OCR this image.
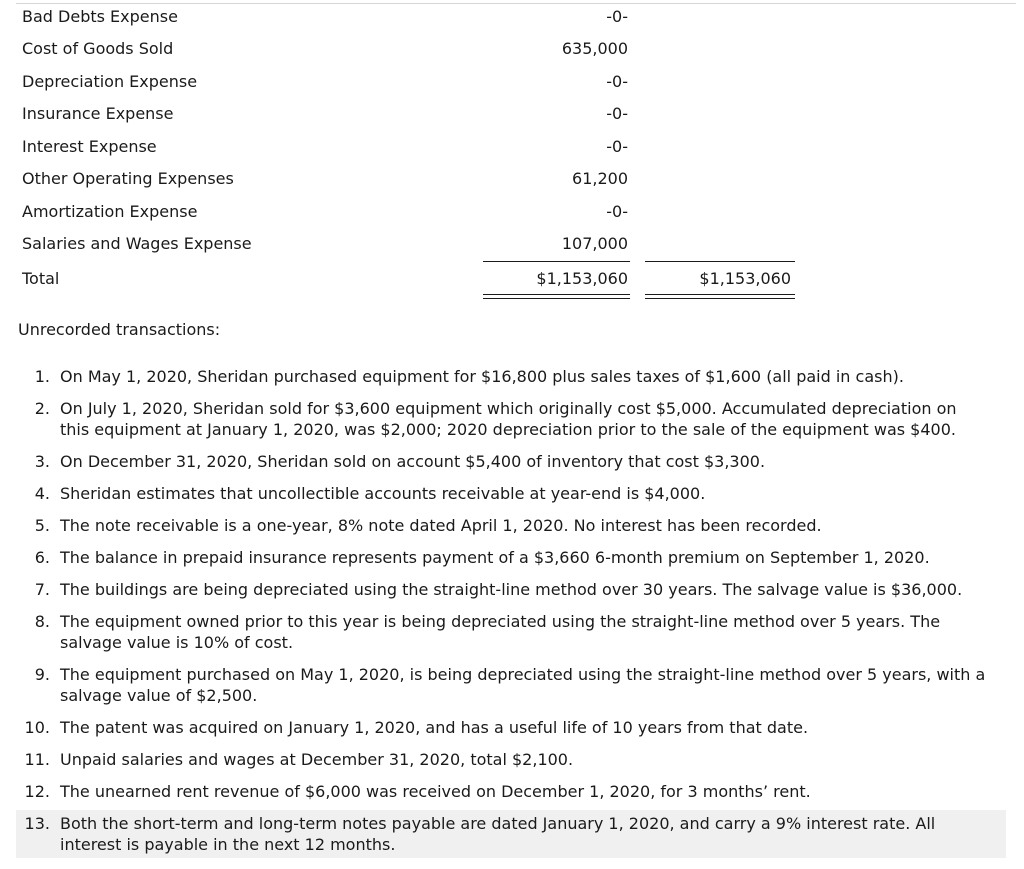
Bad Debts Expense	-0-
Cost of Goods Sold	635,000
Depreciation Expense	-0-
Insurance Expense	-0-
Interest Expense	-0-
Other Operating Expenses	61,200
Amortization Expense	-0-
Salaries and Wages Expense	107,000
Total	$1,153,060	$1,153,060
Unrecorded transactions:
1. On May 1, 2020, Sheridan purchased equipment for $16,800 plus sales taxes of $1,600 (all paid in cash).
2. On July 1, 2020, Sheridan sold for $3,600 equipment which originally cost $5,000. Accumulated depreciation on this equipment at January 1, 2020, was $2,000; 2020 depreciation prior to the sale of the equipment was $400.
3. On December 31, 2020, Sheridan sold on account $5,400 of inventory that cost $3,300.
4. Sheridan estimates that uncollectible accounts receivable at year-end is $4,000.
5. The note receivable is a one-year, 8% note dated April 1, 2020. No interest has been recorded.
6. The balance in prepaid insurance represents payment of a $3,660 6-month premium on September 1, 2020.
7. The buildings are being depreciated using the straight-line method over 30 years. The salvage value is $36,000.
8. The equipment owned prior to this year is being depreciated using the straight-line method over 5 years. The salvage value is 10% of cost.
9. The equipment purchased on May 1, 2020, is being depreciated using the straight-line method over 5 years, with a salvage value of $2,500.
10. The patent was acquired on January 1, 2020, and has a useful life of 10 years from that date.
11. Unpaid salaries and wages at December 31, 2020, total $2,100.
12. The unearned rent revenue of $6,000 was received on December 1, 2020, for 3 months’ rent.
13. Both the short-term and long-term notes payable are dated January 1, 2020, and carry a 9% interest rate. All interest is payable in the next 12 months.
